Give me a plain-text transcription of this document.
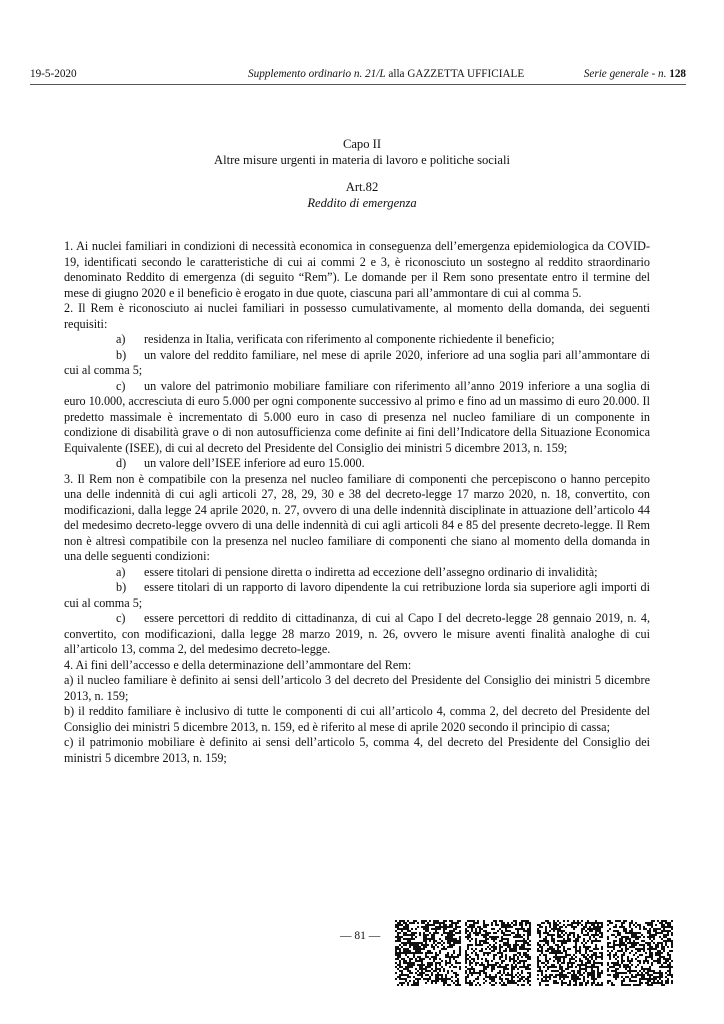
19-5-2020	Supplemento ordinario n. 21/L alla GAZZETTA UFFICIALE	Serie generale - n. 128
Capo II
Altre misure urgenti in materia di lavoro e politiche sociali
Art.82
Reddito di emergenza

1. Ai nuclei familiari in condizioni di necessità economica in conseguenza dell’emergenza epidemiologica da COVID-19, identificati secondo le caratteristiche di cui ai commi 2 e 3, è riconosciuto un sostegno al reddito straordinario denominato Reddito di emergenza (di seguito “Rem”). Le domande per il Rem sono presentate entro il termine del mese di giugno 2020 e il beneficio è erogato in due quote, ciascuna pari all’ammontare di cui al comma 5.

2. Il Rem è riconosciuto ai nuclei familiari in possesso cumulativamente, al momento della domanda, dei seguenti requisiti:

a) residenza in Italia, verificata con riferimento al componente richiedente il beneficio;

b) un valore del reddito familiare, nel mese di aprile 2020, inferiore ad una soglia pari all’ammontare di cui al comma 5;

c) un valore del patrimonio mobiliare familiare con riferimento all’anno 2019 inferiore a una soglia di euro 10.000, accresciuta di euro 5.000 per ogni componente successivo al primo e fino ad un massimo di euro 20.000. Il predetto massimale è incrementato di 5.000 euro in caso di presenza nel nucleo familiare di un componente in condizione di disabilità grave o di non autosufficienza come definite ai fini dell’Indicatore della Situazione Economica Equivalente (ISEE), di cui al decreto del Presidente del Consiglio dei ministri 5 dicembre 2013, n. 159;

d) un valore dell’ISEE inferiore ad euro 15.000.

3. Il Rem non è compatibile con la presenza nel nucleo familiare di componenti che percepiscono o hanno percepito una delle indennità di cui agli articoli 27, 28, 29, 30 e 38 del decreto-legge 17 marzo 2020, n. 18, convertito, con modificazioni, dalla legge 24 aprile 2020, n. 27, ovvero di una delle indennità disciplinate in attuazione dell’articolo 44 del medesimo decreto-legge ovvero di una delle indennità di cui agli articoli 84 e 85 del presente decreto-legge. Il Rem non è altresì compatibile con la presenza nel nucleo familiare di componenti che siano al momento della domanda in una delle seguenti condizioni:

a) essere titolari di pensione diretta o indiretta ad eccezione dell’assegno ordinario di invalidità;

b) essere titolari di un rapporto di lavoro dipendente la cui retribuzione lorda sia superiore agli importi di cui al comma 5;

c) essere percettori di reddito di cittadinanza, di cui al Capo I del decreto-legge 28 gennaio 2019, n. 4, convertito, con modificazioni, dalla legge 28 marzo 2019, n. 26, ovvero le misure aventi finalità analoghe di cui all’articolo 13, comma 2, del medesimo decreto-legge.

4. Ai fini dell’accesso e della determinazione dell’ammontare del Rem:

a) il nucleo familiare è definito ai sensi dell’articolo 3 del decreto del Presidente del Consiglio dei ministri 5 dicembre 2013, n. 159;

b) il reddito familiare è inclusivo di tutte le componenti di cui all’articolo 4, comma 2, del decreto del Presidente del Consiglio dei ministri 5 dicembre 2013, n. 159, ed è riferito al mese di aprile 2020 secondo il principio di cassa;

c) il patrimonio mobiliare è definito ai sensi dell’articolo 5, comma 4, del decreto del Presidente del Consiglio dei ministri 5 dicembre 2013, n. 159;

— 81 —
